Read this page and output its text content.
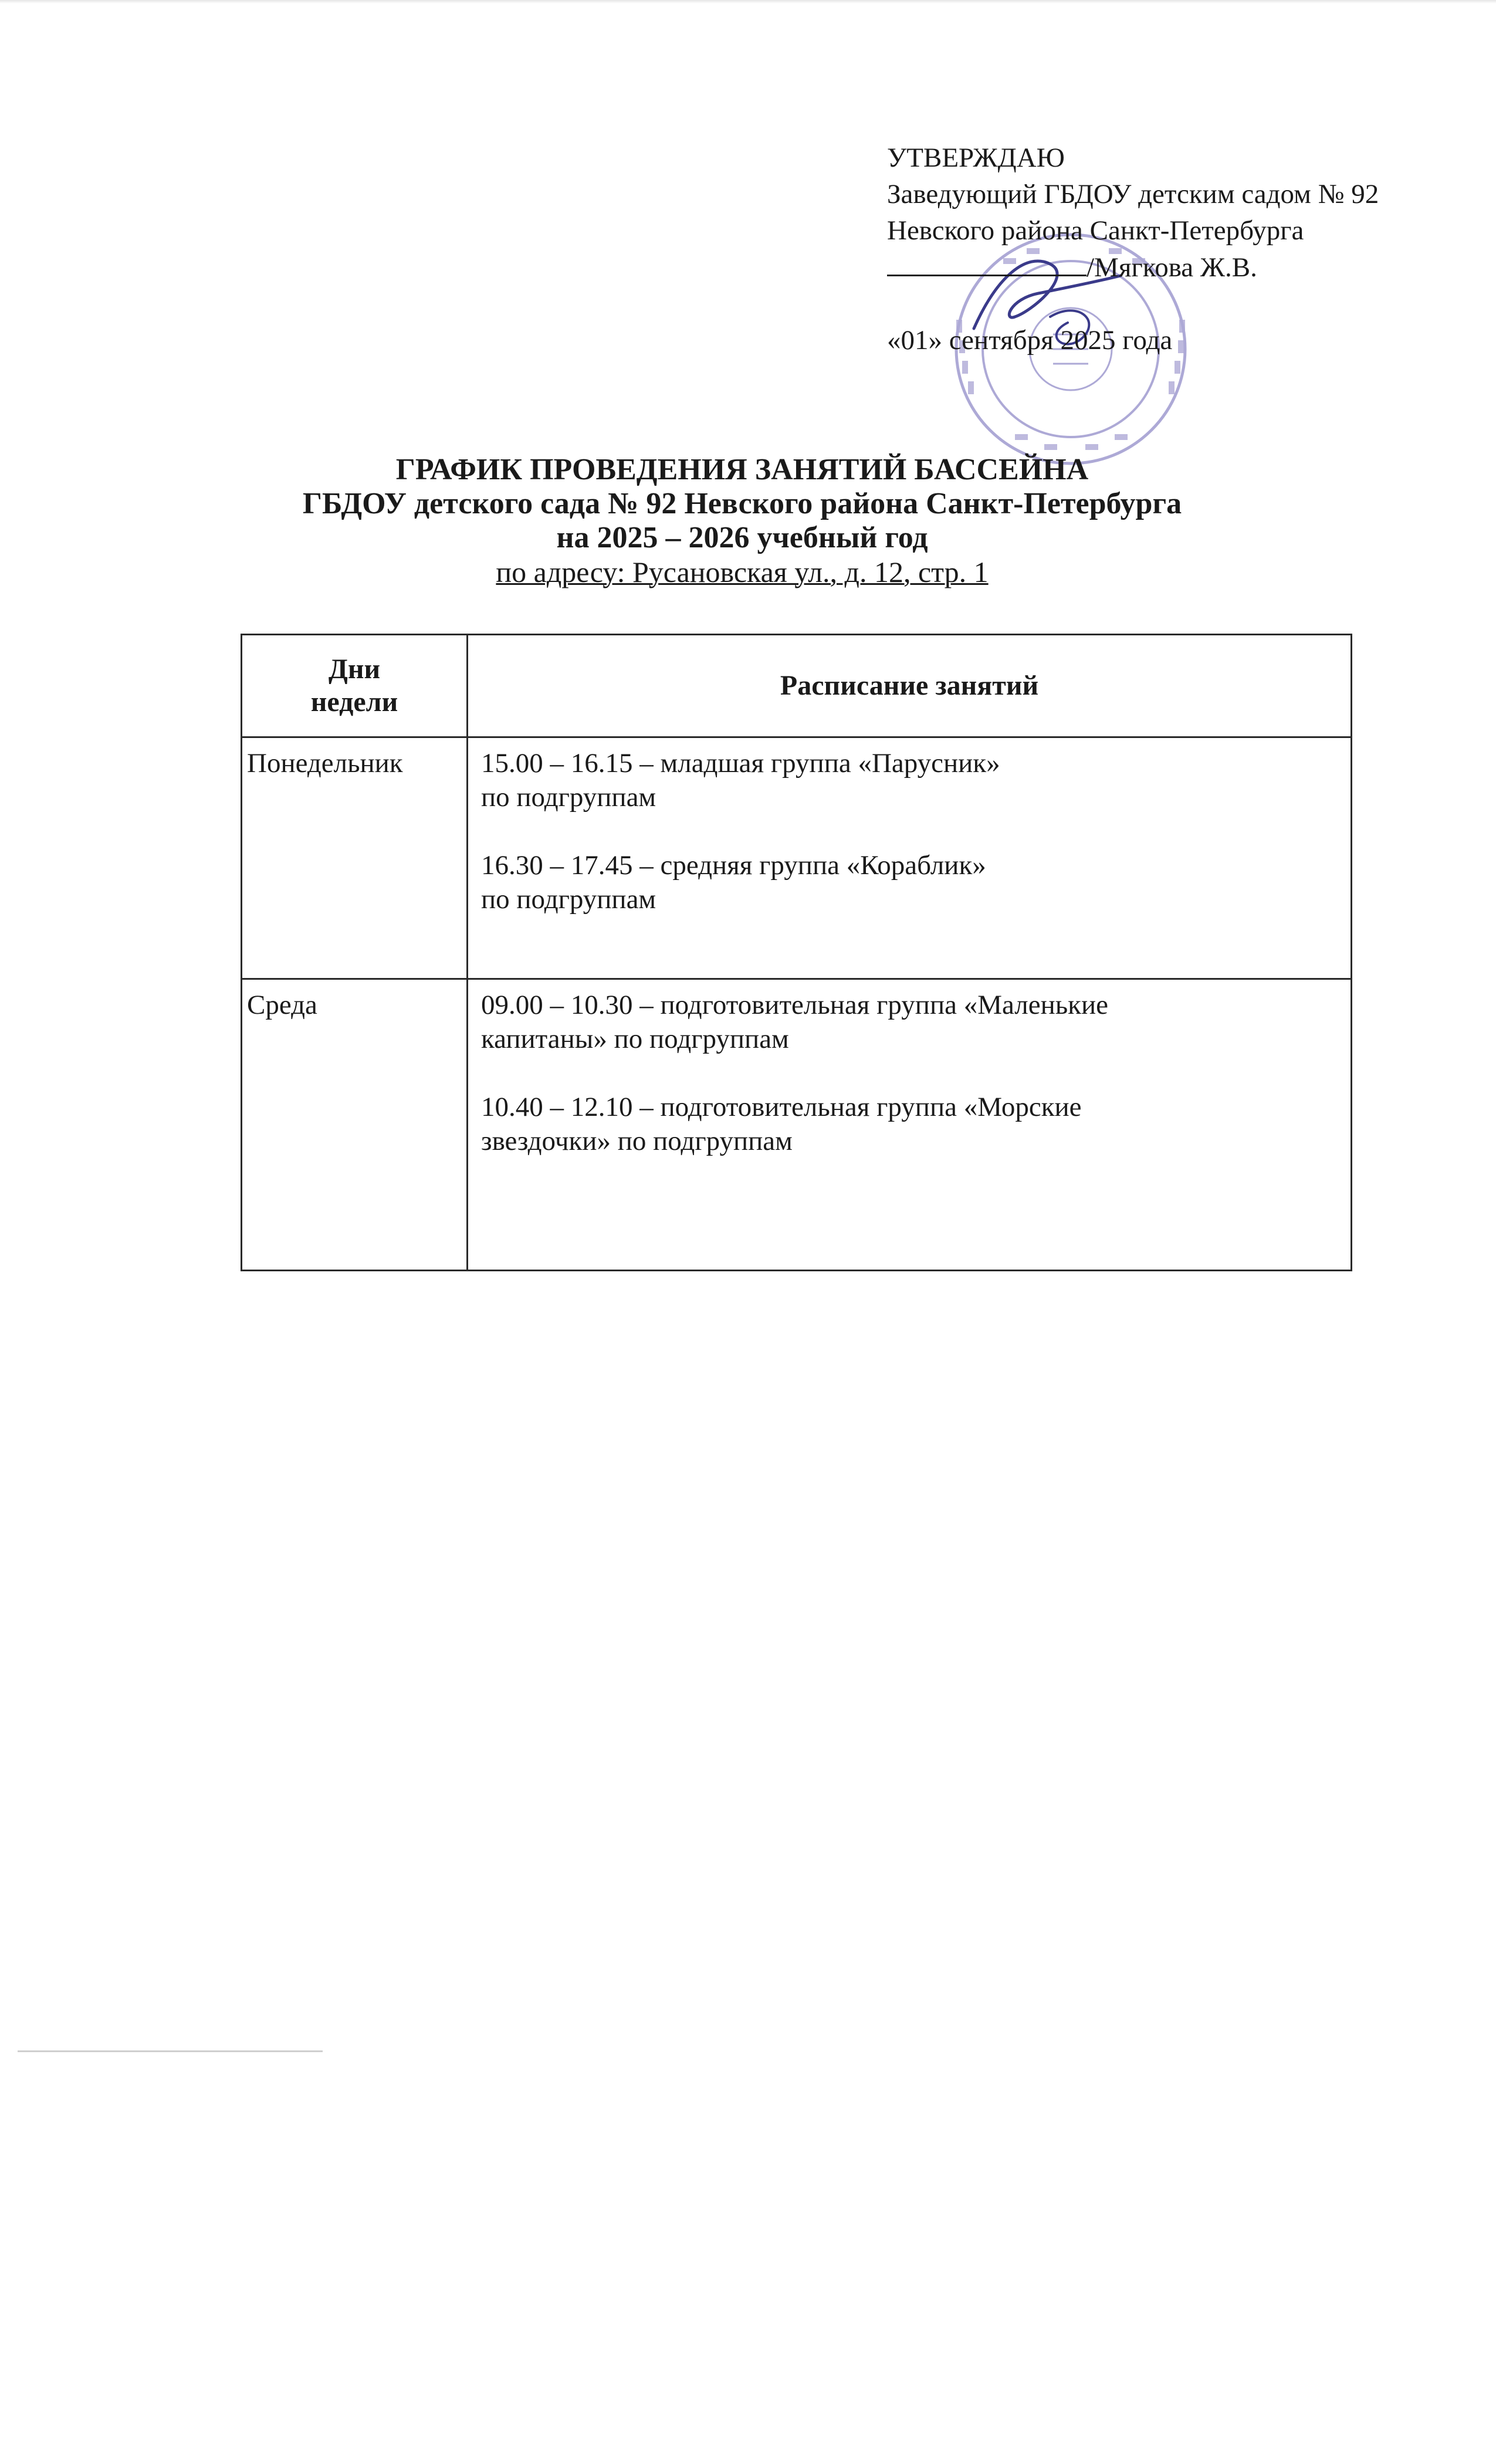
УТВЕРЖДАЮ
Заведующий ГБДОУ детским садом № 92
Невского района Санкт-Петербурга
/Мягкова Ж.В.
«01» сентября 2025 года
ГРАФИК ПРОВЕДЕНИЯ ЗАНЯТИЙ БАССЕЙНА
ГБДОУ детского сада № 92 Невского района Санкт-Петербурга
на 2025 – 2026 учебный год
по адресу: Русановская ул., д. 12, стр. 1
Дни
недели	Расписание занятий
Понедельник	15.00 – 16.15 – младшая группа «Парусник»
по подгруппам
16.30 – 17.45 – средняя группа «Кораблик»
по подгруппам

Среда	09.00 – 10.30 – подготовительная группа «Маленькие
капитаны» по подгруппам
10.40 – 12.10 – подготовительная группа «Морские
звездочки» по подгруппам
